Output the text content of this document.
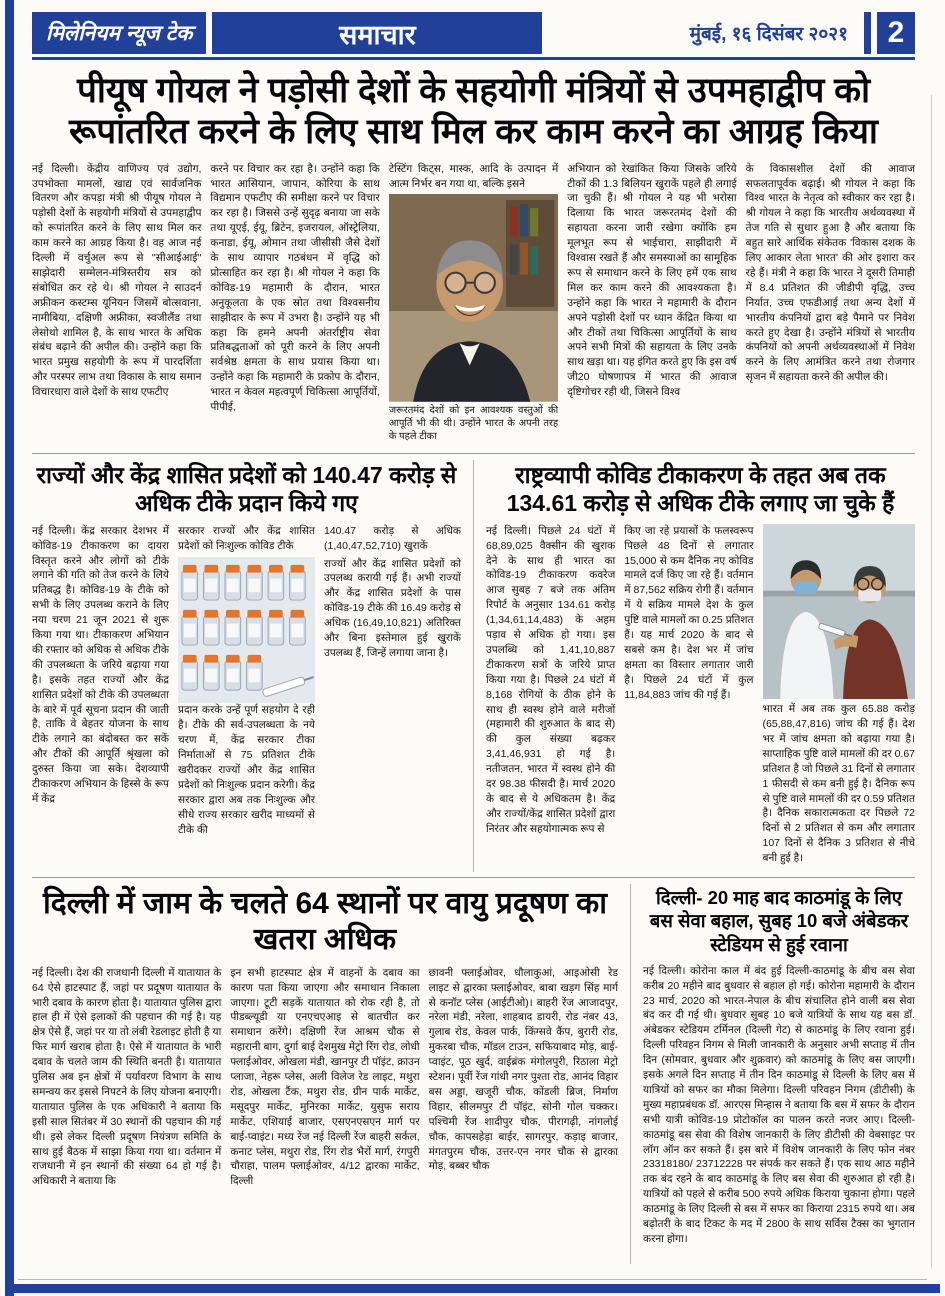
मिलेनियम न्यूज टेक	समाचार	मुंबई, १६ दिसंबर २०२१	2
पीयूष गोयल ने पड़ोसी देशों के सहयोगी मंत्रियों से उपमहाद्वीप को रूपांतरित करने के लिए साथ मिल कर काम करने का आग्रह किया
नई दिल्ली। केंद्रीय वाणिज्य एवं उद्योग, उपभोक्ता मामलों, खाद्य एवं सार्वजनिक वितरण और कपड़ा मंत्री श्री पीयूष गोयल ने पड़ोसी देशों के सहयोगी मंत्रियों से उपमहाद्वीप को रूपांतरित करने के लिए साथ मिल कर काम करने का आग्रह किया है। वह आज नई दिल्ली में वर्चुअल रूप से ''सीआईआई'' साझेदारी सम्मेलन-मंत्रिस्तरीय सत्र को संबोधित कर रहे थे। श्री गोयल ने साउदर्न अफ्रीकन कस्टम्स यूनियन जिसमें बोत्सवाना, नामीबिया, दक्षिणी अफ्रीका, स्वजीलैंड तथा लेसोथो शामिल है, के साथ भारत के अधिक संबंध बढ़ाने की अपील की। उन्होंने कहा कि भारत प्रमुख सहयोगी के रूप में पारदर्शिता और परस्पर लाभ तथा विकास के साथ समान विचारधारा वाले देशों के साथ एफटीए
करने पर विचार कर रहा है। उन्होंने कहा कि भारत आसियान, जापान, कोरिया के साथ विद्यमान एफटीए की समीक्षा करने पर विचार कर रहा है। जिससे उन्हें सुदृढ़ बनाया जा सके तथा यूएई, ईयू, ब्रिटेन, इजरायल, ऑस्ट्रेलिया, कनाडा, ईयू, ओमान तथा जीसीसी जैसे देशों के साथ व्यापार गठबंधन में वृद्धि को प्रोत्साहित कर रहा है। श्री गोयल ने कहा कि कोविड-19 महामारी के दौरान, भारत अनुकूलता के एक स्रोत तथा विश्वसनीय साझीदार के रूप में उभरा है। उन्होंने यह भी कहा कि हमने अपनी अंतर्राष्ट्रीय सेवा प्रतिबद्धताओं को पूरी करने के लिए अपनी सर्वश्रेष्ठ क्षमता के साथ प्रयास किया था। उन्होंने कहा कि महामारी के प्रकोप के दौरान, भारत न केवल महत्वपूर्ण चिकित्सा आपूर्तियों, पीपीई,

टेस्टिंग किट्स, मास्क, आदि के उत्पादन में आत्म निर्भर बन गया था, बल्कि इसने

जरूरतमंद देशों को इन आवश्यक वस्तुओं की आपूर्ति भी की थी। उन्होंने भारत के अपनी तरह के पहले टीका

अभियान को रेखांकित किया जिसके जरिये टीकों की 1.3 बिलियन खुराकें पहले ही लगाई जा चुकी हैं। श्री गोयल ने यह भी भरोसा दिलाया कि भारत जरूरतमंद देशों की सहायता करना जारी रखेगा क्योंकि हम मूलभूत रूप से भाईचारा, साझीदारी में विश्वास रखते हैं और समस्याओं का सामूहिक रूप से समाधान करने के लिए हमें एक साथ मिल कर काम करने की आवश्यकता है। उन्होंने कहा कि भारत ने महामारी के दौरान अपने पड़ोसी देशों पर ध्यान केंद्रित किया था और टीकों तथा चिकित्सा आपूर्तियों के साथ अपने सभी मित्रों की सहायता के लिए उनके साथ खड़ा था। यह इंगित करते हुए कि इस वर्ष जी20 घोषणापत्र में भारत की आवाज दृष्टिगोचर रही थी, जिसने विश्व
के विकासशील देशों की आवाज सफलतापूर्वक बढ़ाई। श्री गोयल ने कहा कि विश्व भारत के नेतृत्व को स्वीकार कर रहा है। श्री गोयल ने कहा कि भारतीय अर्थव्यवस्था में तेज गति से सुधार हुआ है और बताया कि बहुत सारे आर्थिक संकेतक 'विकास दशक के लिए आकार लेता भारत' की ओर इशारा कर रहे हैं। मंत्री ने कहा कि भारत ने दूसरी तिमाही में 8.4 प्रतिशत की जीडीपी वृद्धि, उच्च निर्यात, उच्च एफडीआई तथा अन्य देशों में भारतीय कंपनियों द्वारा बड़े पैमाने पर निवेश करते हुए देखा है। उन्होंने मंत्रियों से भारतीय कंपनियों को अपनी अर्थव्यवस्थाओं में निवेश करने के लिए आमंत्रित करने तथा रोजगार सृजन में सहायता करने की अपील की।
राज्यों और केंद्र शासित प्रदेशों को 140.47 करोड़ से अधिक टीके प्रदान किये गए
नई दिल्ली। केंद्र सरकार देशभर में कोविड-19 टीकाकरण का दायरा विस्तृत करने और लोगों को टीके लगाने की गति को तेज करने के लिये प्रतिबद्ध है। कोविड-19 के टीके को सभी के लिए उपलब्ध कराने के लिए नया चरण 21 जून 2021 से शुरू किया गया था। टीकाकरण अभियान की रफ्तार को अधिक से अधिक टीके की उपलब्धता के जरिये बढ़ाया गया है। इसके तहत राज्यों और केंद्र शासित प्रदेशों को टीके की उपलब्धता के बारे में पूर्व सूचना प्रदान की जाती है, ताकि वे बेहतर योजना के साथ टीके लगाने का बंदोबस्त कर सकें और टीकों की आपूर्ति श्रृंखला को दुरुस्त किया जा सके। देशव्यापी टीकाकरण अभियान के हिस्से के रूप में केंद्र

सरकार राज्यों और केंद्र शासित प्रदेशों को निःशुल्क कोविड टीके

प्रदान करके उन्हें पूर्ण सहयोग दे रही है। टीके की सर्व-उपलब्धता के नये चरण में, केंद्र सरकार टीका निर्माताओं से 75 प्रतिशत टीके खरीदकर राज्यों और केंद्र शासित प्रदेशों को निःशुल्क प्रदान करेगी। केंद्र सरकार द्वारा अब तक निःशुल्क और सीधे राज्य सरकार खरीद माध्यमों से टीके की

140.47 करोड़ से अधिक (1,40,47,52,710) खुराकें

राज्यों और केंद्र शासित प्रदेशों को उपलब्ध करायी गई हैं। अभी राज्यों और केंद्र शासित प्रदेशों के पास कोविड-19 टीके की 16.49 करोड़ से अधिक (16,49,10,821) अतिरिक्त और बिना इस्तेमाल हुई खुराकें उपलब्ध हैं, जिन्हें लगाया जाना है।

राष्ट्रव्यापी कोविड टीकाकरण के तहत अब तक 134.61 करोड़ से अधिक टीके लगाए जा चुके हैं
नई दिल्ली। पिछले 24 घंटों में 68,89,025 वैक्सीन की खुराक देने के साथ ही भारत का कोविड-19 टीकाकरण कवरेज आज सुबह 7 बजे तक अंतिम रिपोर्ट के अनुसार 134.61 करोड़ (1,34,61,14,483) के अहम पड़ाव से अधिक हो गया। इस उपलब्धि को 1,41,10,887 टीकाकरण सत्रों के जरिये प्राप्त किया गया है। पिछले 24 घंटों में 8,168 रोगियों के ठीक होने के साथ ही स्वस्थ होने वाले मरीजों (महामारी की शुरुआत के बाद से) की कुल संख्या बढ़कर 3,41,46,931 हो गई है। नतीजतन, भारत में स्वस्थ होने की दर 98.38 फीसदी है। मार्च 2020 के बाद से ये अधिकतम है। केंद्र और राज्यों/केंद्र शासित प्रदेशों द्वारा निरंतर और सहयोगात्मक रूप से
किए जा रहे प्रयासों के फलस्वरूप पिछले 48 दिनों से लगातार 15,000 से कम दैनिक नए कोविड मामले दर्ज किए जा रहे हैं। वर्तमान में 87,562 सक्रिय रोगी हैं। वर्तमान में ये सक्रिय मामले देश के कुल पुष्टि वाले मामलों का 0.25 प्रतिशत हैं। यह मार्च 2020 के बाद से सबसे कम है। देश भर में जांच क्षमता का विस्तार लगातार जारी है। पिछले 24 घंटों में कुल 11,84,883 जांच की गई हैं।

भारत में अब तक कुल 65.88 करोड़ (65,88,47,816) जांच की गई हैं। देश भर में जांच क्षमता को बढ़ाया गया है। साप्ताहिक पुष्टि वाले मामलों की दर 0.67 प्रतिशत है जो पिछले 31 दिनों से लगातार 1 फीसदी से कम बनी हुई है। दैनिक रूप से पुष्टि वाले मामलों की दर 0.59 प्रतिशत है। दैनिक सकारात्मकता दर पिछले 72 दिनों से 2 प्रतिशत से कम और लगातार 107 दिनों से दैनिक 3 प्रतिशत से नीचे बनी हुई है।

दिल्ली में जाम के चलते 64 स्थानों पर वायु प्रदूषण का खतरा अधिक
नई दिल्ली। देश की राजधानी दिल्ली में यातायात के 64 ऐसे हाटस्पाट हैं, जहां पर प्रदूषण यातायात के भारी दबाव के कारण होता है। यातायात पुलिस द्वारा हाल ही में ऐसे इलाकों की पहचान की गई है। यह क्षेत्र ऐसे हैं, जहां पर या तो लंबी रेडलाइट होती है या फिर मार्ग खराब होता है। ऐसे में यातायात के भारी दबाव के चलते जाम की स्थिति बनती है। यातायात पुलिस अब इन क्षेत्रों में पर्यावरण विभाग के साथ समन्वय कर इससे निपटने के लिए योजना बनाएगी। यातायात पुलिस के एक अधिकारी ने बताया कि इसी साल सितंबर में 30 स्थानों की पहचान की गई थी। इसे लेकर दिल्ली प्रदूषण नियंत्रण समिति के साथ हुई बैठक में साझा किया गया था। वर्तमान में राजधानी में इन स्थानों की संख्या 64 हो गई है। अधिकारी ने बताया कि
इन सभी हाटस्पाट क्षेत्र में वाहनों के दबाव का कारण पता किया जाएगा और समाधान निकाला जाएगा। टूटी सड़कें यातायात को रोक रही है, तो पीडब्ल्यूडी या एनएचएआइ से बातचीत कर समाधान करेंगे। दक्षिणी रेंज आश्रम चौक से महारानी बाग, दुर्गा बाई देशमुख मेट्रो रिंग रोड, लोधी फ्लाईओवर, ओखला मंडी, खानपुर टी पॉइंट, क्राउन प्लाजा, नेहरू प्लेस, अली विलेज रेड लाइट, मथुरा रोड, ओखला टैंक, मथुरा रोड, ग्रीन पार्क मार्केट, मसूदपुर मार्केट, मुनिरका मार्केट, युसुफ सराय मार्केट, एशियाई बाजार, एसएनएसएन मार्ग पर बाई-प्वाइंट। मध्य रेंज नई दिल्ली रेंज बाहरी सर्कल, कनाट प्लेस, मथुरा रोड, रिंग रोड भैरों मार्ग, रंगपुरी चौराहा, पालम फ्लाईओवर, 4/12 द्वारका मार्केट, दिल्ली
छावनी फ्लाईओवर, धौलाकुआं, आइओसी रेड लाइट से द्वारका फ्लाईओवर, बाबा खड़ग सिंह मार्ग से कनॉट प्लेस (आईटीओ)। बाहरी रेंज आजादपुर, नरेला मंडी, नरेला, शाहबाद डायरी, रोड नंबर 43, गुलाब रोड, केवल पार्क, किंग्सवे कैंप, बुरारी रोड, मुकरबा चौक, मॉडल टाउन, सफियाबाद मोड़, बाई-प्वाइंट, पूठ खुर्द, वाईब्रंक मंगोलपुरी, रिठाला मेट्रो स्टेशन। पूर्वी रेंज गांधी नगर पुश्ता रोड, आनंद विहार बस अड्डा, खजूरी चौक, कोंडली ब्रिज, निर्माण विहार, सीलमपुर टी पॉइंट, सोनी गोल चक्कर। पश्चिमी रेंज शादीपुर चौक, पीरागढ़ी, नांगलोई चौक, कापसहेड़ा बाईर, सागरपुर, कड़ाइ बाजार, मंगतपुरम चौक, उत्तर-एन नगर चौक से द्वारका मोड़, बब्बर चौक
दिल्ली- 20 माह बाद काठमांडू के लिए बस सेवा बहाल, सुबह 10 बजे अंबेडकर स्टेडियम से हुई रवाना
नई दिल्ली। कोरोना काल में बंद हुई दिल्ली-काठमांडू के बीच बस सेवा करीब 20 महीने बाद बुधवार से बहाल हो गई। कोरोना महामारी के दौरान 23 मार्च, 2020 को भारत-नेपाल के बीच संचालित होने वाली बस सेवा बंद कर दी गई थी। बुधवार सुबह 10 बजे यात्रियों के साथ यह बस डॉ. अंबेडकर स्टेडियम टर्मिनल (दिल्ली गेट) से काठमांडू के लिए रवाना हुई। दिल्ली परिवहन निगम से मिली जानकारी के अनुसार अभी सप्ताह में तीन दिन (सोमवार, बुधवार और शुक्रवार) को काठमांडू के लिए बस जाएगी। इसके अगले दिन सप्ताह में तीन दिन काठमांडू से दिल्ली के लिए बस में यात्रियों को सफर का मौका मिलेगा। दिल्ली परिवहन निगम (डीटीसी) के मुख्य महाप्रबंधक डॉ. आरएस मिन्हास ने बताया कि बस में सफर के दौरान सभी यात्री कोविड-19 प्रोटोकॉल का पालन करते नजर आए। दिल्ली-काठमांडू बस सेवा की विशेष जानकारी के लिए डीटीसी की वेबसाइट पर लॉग ऑन कर सकते हैं। इस बारे में विशेष जानकारी के लिए फोन नंबर 23318180/ 23712228 पर संपर्क कर सकते हैं। एक साथ आठ महीने तक बंद रहने के बाद काठमांडू के लिए बस सेवा की शुरुआत हो रही है। यात्रियों को पहले से करीब 500 रुपये अधिक किराया चुकाना होगा। पहले काठमांडू के लिए दिल्ली से बस में सफर का किराया 2315 रुपये था। अब बढ़ोतरी के बाद टिकट के मद में 2800 के साथ सर्विस टैक्स का भुगतान करना होगा।
